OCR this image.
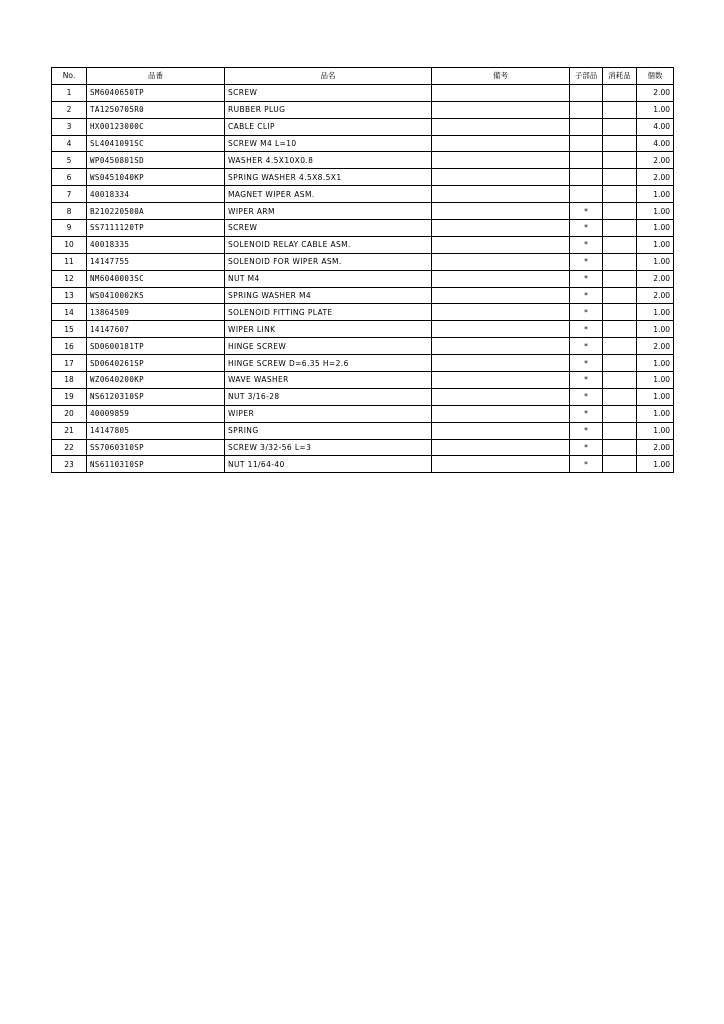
No.	品番	品名	備考	子部品	消耗品	個数
1	SM6040650TP	SCREW				2.00
2	TA1250705R0	RUBBER PLUG				1.00
3	HX00123000C	CABLE CLIP				4.00
4	SL4041091SC	SCREW M4 L=10				4.00
5	WP0450801SD	WASHER 4.5X10X0.8				2.00
6	WS0451040KP	SPRING WASHER 4.5X8.5X1				2.00
7	40018334	MAGNET WIPER ASM.				1.00
8	B210220500A	WIPER ARM		*		1.00
9	SS7111120TP	SCREW		*		1.00
10	40018335	SOLENOID RELAY CABLE ASM.		*		1.00
11	14147755	SOLENOID FOR WIPER ASM.		*		1.00
12	NM6040003SC	NUT M4		*		2.00
13	WS0410002KS	SPRING WASHER M4		*		2.00
14	13864509	SOLENOID FITTING PLATE		*		1.00
15	14147607	WIPER LINK		*		1.00
16	SD0600181TP	HINGE SCREW		*		2.00
17	SD0640261SP	HINGE SCREW D=6.35 H=2.6		*		1.00
18	WZ0640200KP	WAVE WASHER		*		1.00
19	NS6120310SP	NUT 3/16-28		*		1.00
20	40009859	WIPER		*		1.00
21	14147805	SPRING		*		1.00
22	SS7060310SP	SCREW 3/32-56 L=3		*		2.00
23	NS6110310SP	NUT 11/64-40		*		1.00
